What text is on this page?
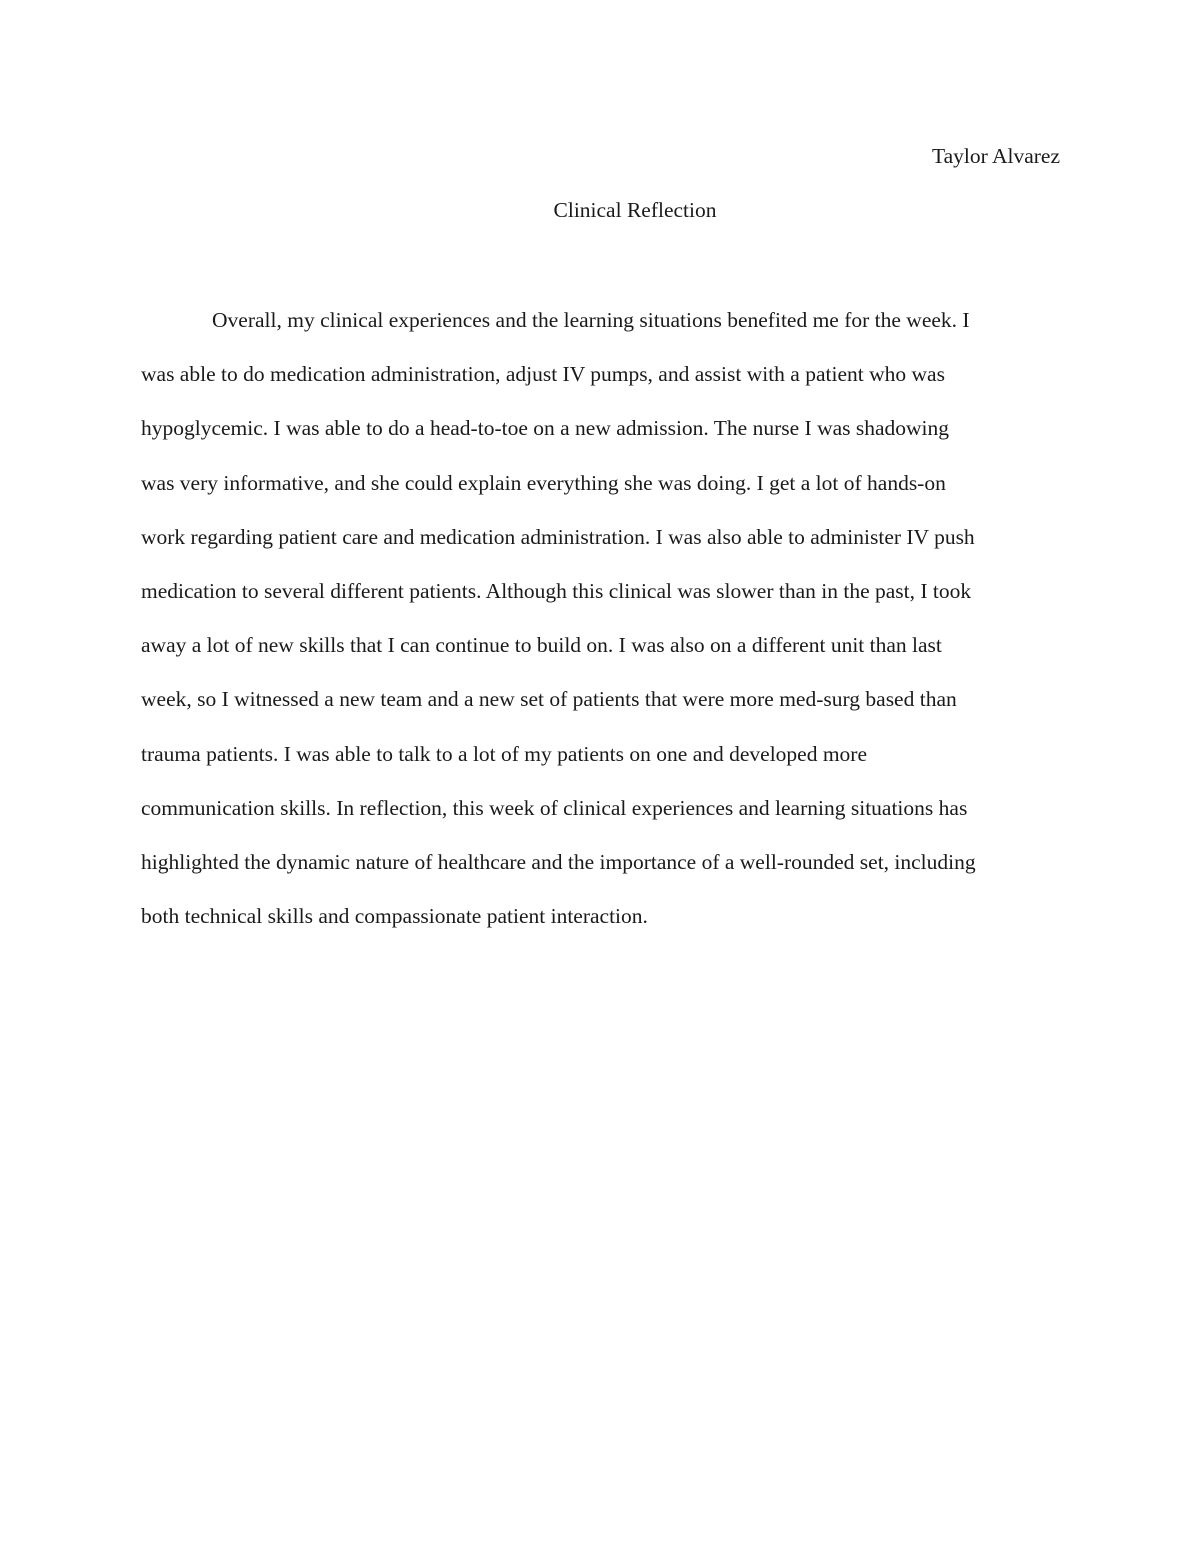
Taylor Alvarez

Clinical Reflection
Overall, my clinical experiences and the learning situations benefited me for the week. I
was able to do medication administration, adjust IV pumps, and assist with a patient who was
hypoglycemic. I was able to do a head-to-toe on a new admission. The nurse I was shadowing
was very informative, and she could explain everything she was doing. I get a lot of hands-on
work regarding patient care and medication administration. I was also able to administer IV push
medication to several different patients. Although this clinical was slower than in the past, I took
away a lot of new skills that I can continue to build on. I was also on a different unit than last
week, so I witnessed a new team and a new set of patients that were more med-surg based than
trauma patients. I was able to talk to a lot of my patients on one and developed more
communication skills. In reflection, this week of clinical experiences and learning situations has
highlighted the dynamic nature of healthcare and the importance of a well-rounded set, including
both technical skills and compassionate patient interaction.
